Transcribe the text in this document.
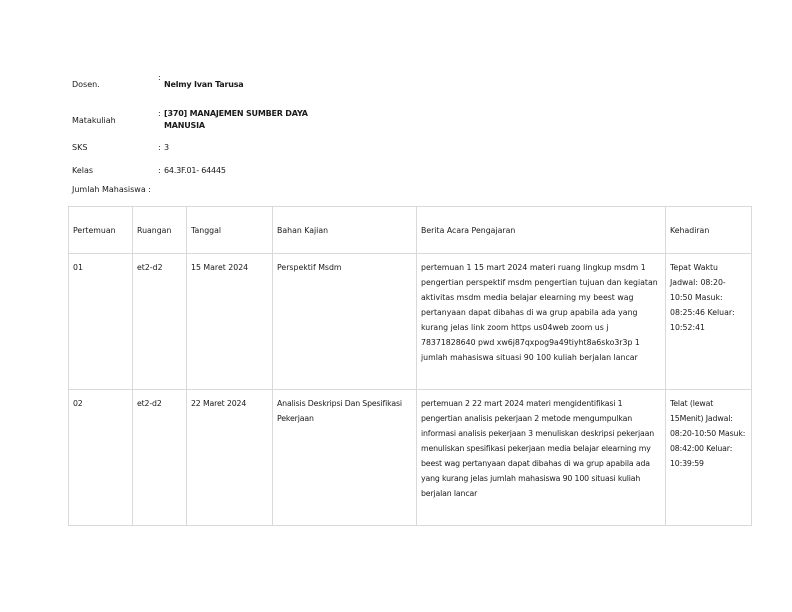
Dosen.
:
Nelmy Ivan Tarusa
Matakuliah
: [370] MANAJEMEN SUMBER DAYA MANUSIA
SKS	: 3
Kelas	: 64.3F.01- 64445
Jumlah Mahasiswa :
Pertemuan	Ruangan	Tanggal	Bahan Kajian	Berita Acara Pengajaran	Kehadiran
01	et2-d2	15 Maret 2024	Perspektif Msdm	pertemuan 1 15 mart 2024 materi ruang lingkup msdm 1 pengertian perspektif msdm pengertian tujuan dan kegiatan aktivitas msdm media belajar elearning my beest wag pertanyaan dapat dibahas di wa grup apabila ada yang kurang jelas link zoom https us04web zoom us j 78371828640 pwd xw6j87qxpog9a49tiyht8a6sko3r3p 1 jumlah mahasiswa situasi 90 100 kuliah berjalan lancar	Tepat Waktu Jadwal: 08:20-10:50 Masuk: 08:25:46 Keluar: 10:52:41
02	et2-d2	22 Maret 2024	Analisis Deskripsi Dan Spesifikasi Pekerjaan	pertemuan 2 22 mart 2024 materi mengidentifikasi 1 pengertian analisis pekerjaan 2 metode mengumpulkan informasi analisis pekerjaan 3 menuliskan deskripsi pekerjaan menuliskan spesifikasi pekerjaan media belajar elearning my beest wag pertanyaan dapat dibahas di wa grup apabila ada yang kurang jelas jumlah mahasiswa 90 100 situasi kuliah berjalan lancar	Telat (lewat 15Menit) Jadwal: 08:20-10:50 Masuk: 08:42:00 Keluar: 10:39:59
